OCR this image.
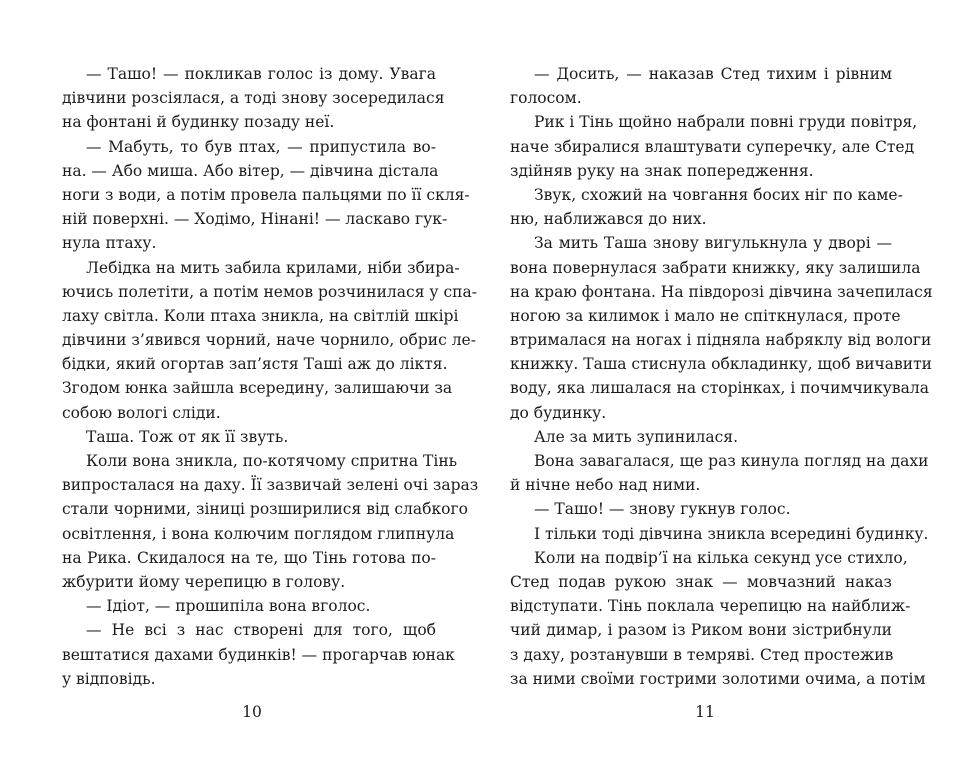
— Ташо! — покликав голос із дому. Увага
дівчини розсіялася, а тоді знову зосередилася
на фонтані й будинку позаду неї.
— Мабуть, то був птах, — припустила во-
на. — Або миша. Або вітер, — дівчина дістала
ноги з води, а потім провела пальцями по її скля-
ній поверхні. — Ходімо, Нінані! — ласкаво гук-
нула птаху.
Лебідка на мить забила крилами, ніби збира-
ючись полетіти, а потім немов розчинилася у спа-
лаху світла. Коли птаха зникла, на світлій шкірі
дівчини з’явився чорний, наче чорнило, обрис ле-
бідки, який огортав зап’ястя Таші аж до ліктя.
Згодом юнка зайшла всередину, залишаючи за
собою вологі сліди.
Таша. Тож от як її звуть.
Коли вона зникла, по-котячому спритна Тінь
випросталася на даху. Її зазвичай зелені очі зараз
стали чорними, зіниці розширилися від слабкого
освітлення, і вона колючим поглядом глипнула
на Рика. Скидалося на те, що Тінь готова по-
жбурити йому черепицю в голову.
— Ідіот, — прошипіла вона вголос.
— Не всі з нас створені для того, щоб
вештатися дахами будинків! — прогарчав юнак
у відповідь.
10
— Досить, — наказав Стед тихим і рівним
голосом.
Рик і Тінь щойно набрали повні груди повітря,
наче збиралися влаштувати суперечку, але Стед
здійняв руку на знак попередження.
Звук, схожий на човгання босих ніг по каме-
ню, наближався до них.
За мить Таша знову вигулькнула у дворі —
вона повернулася забрати книжку, яку залишила
на краю фонтана. На півдорозі дівчина зачепилася
ногою за килимок і мало не спіткнулася, проте
втрималася на ногах і підняла набряклу від вологи
книжку. Таша стиснула обкладинку, щоб вичавити
воду, яка лишалася на сторінках, і почимчикувала
до будинку.
Але за мить зупинилася.
Вона завагалася, ще раз кинула погляд на дахи
й нічне небо над ними.
— Ташо! — знову гукнув голос.
І тільки тоді дівчина зникла всередині будинку.
Коли на подвір’ї на кілька секунд усе стихло,
Стед подав рукою знак — мовчазний наказ
відступати. Тінь поклала черепицю на найближ-
чий димар, і разом із Риком вони зістрибнули
з даху, розтанувши в темряві. Стед простежив
за ними своїми гострими золотими очима, а потім
11
